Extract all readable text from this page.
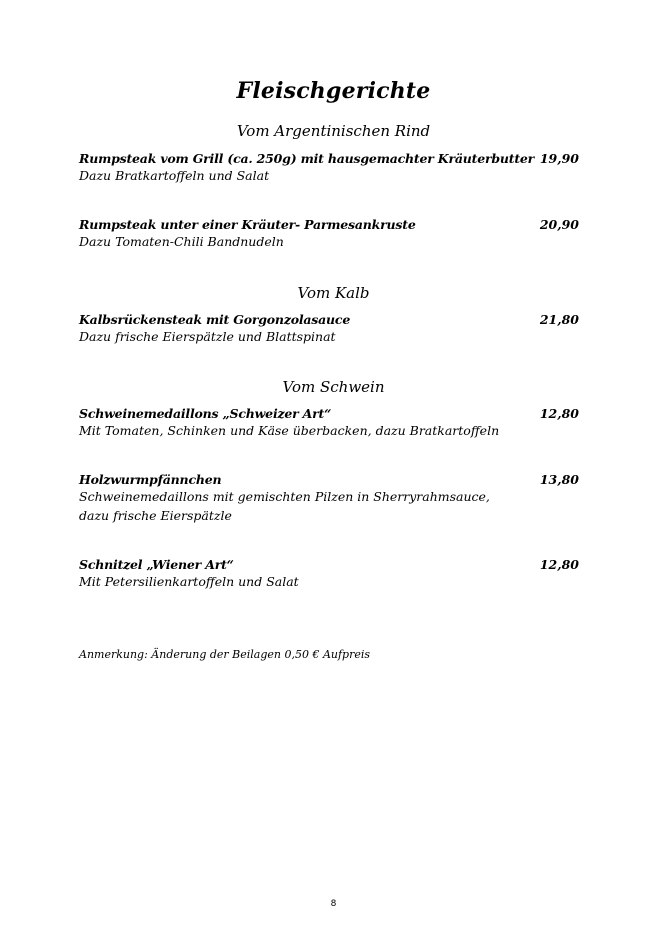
Fleischgerichte
Vom Argentinischen Rind
Rumpsteak vom Grill (ca. 250g) mit hausgemachter Kräuterbutter 19,90
Dazu Bratkartoffeln und Salat
Rumpsteak unter einer Kräuter- Parmesankruste	20,90
Dazu Tomaten-Chili Bandnudeln
Vom Kalb
Kalbsrückensteak mit Gorgonzolasauce	21,80
Dazu frische Eierspätzle und Blattspinat
Vom Schwein
Schweinemedaillons „Schweizer Art“	12,80
Mit Tomaten, Schinken und Käse überbacken, dazu Bratkartoffeln
Holzwurmpfännchen	13,80
Schweinemedaillons mit gemischten Pilzen in Sherryrahmsauce,
dazu frische Eierspätzle
Schnitzel „Wiener Art“	12,80
Mit Petersilienkartoffeln und Salat
Anmerkung: Änderung der Beilagen 0,50 € Aufpreis
8
